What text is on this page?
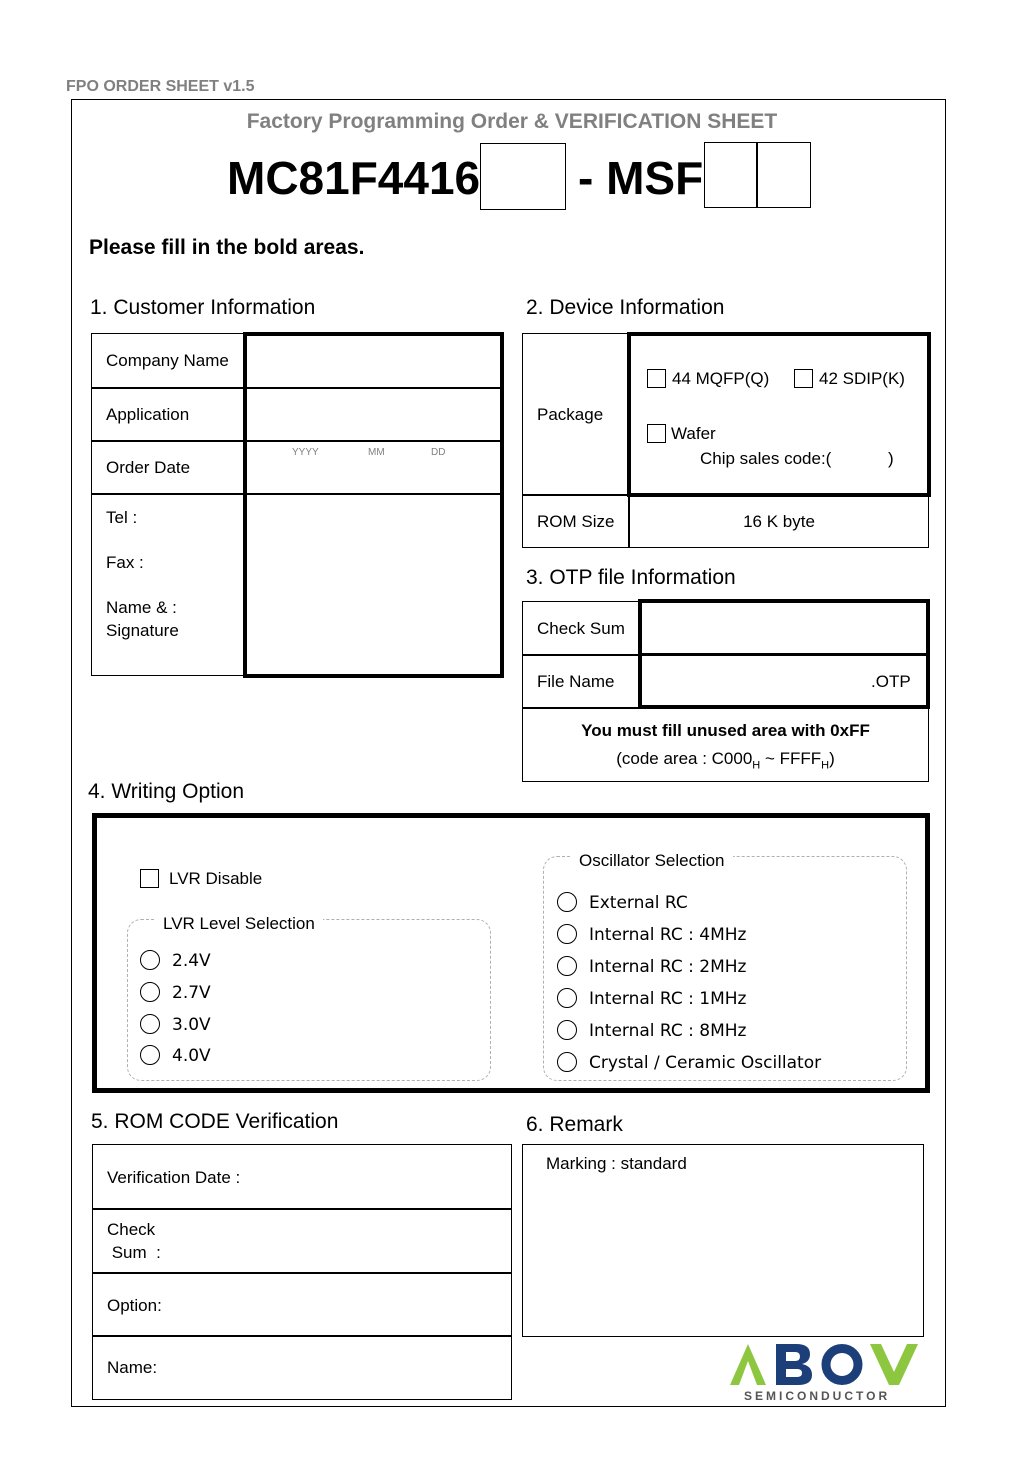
FPO ORDER SHEET v1.5
Factory Programming Order & VERIFICATION SHEET
MC81F4416 - MSF
Please fill in the bold areas.
1. Customer Information
Company Name
Application
Order Date
YYYY	MM	DD
Tel :
Fax :
Name & :
Signature
2. Device Information
Package
44 MQFP(Q)	42 SDIP(K)
Wafer
Chip sales code:(            )
ROM Size	16 K byte
3. OTP file Information
Check Sum
File Name	.OTP
You must fill unused area with 0xFF
(code area : $C000_H$ ~ $FFFF_H$)
4. Writing Option
LVR Disable
LVR Level Selection
2.4V
2.7V
3.0V
4.0V
Oscillator Selection
External RC
Internal RC : 4MHz
Internal RC : 2MHz
Internal RC : 1MHz
Internal RC : 8MHz
Crystal / Ceramic Oscillator
5. ROM CODE Verification
Verification Date :
Check
Sum  :
Option:
Name:
6. Remark
Marking : standard
SEMICONDUCTOR
